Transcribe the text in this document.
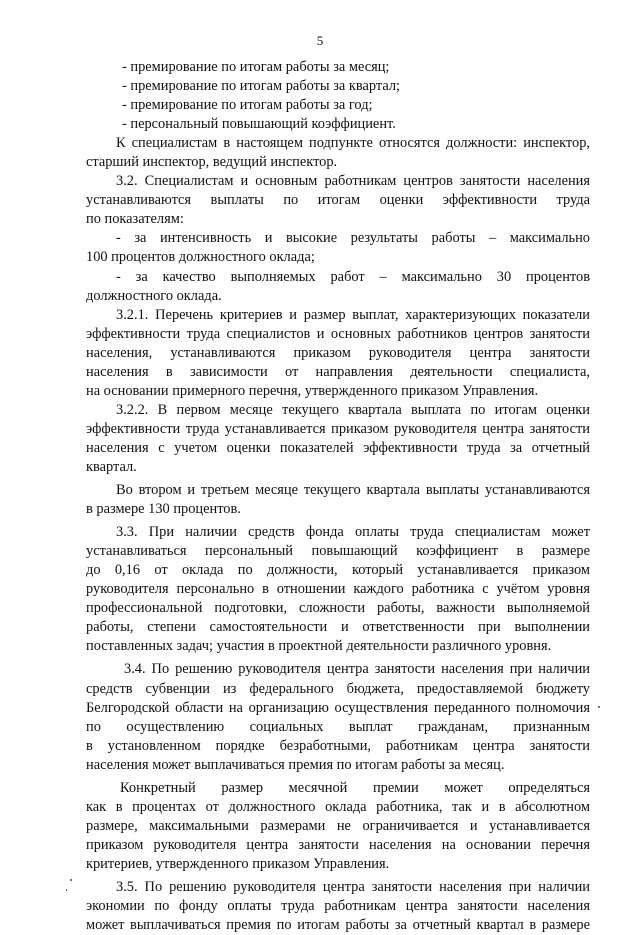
5
- премирование по итогам работы за месяц;
- премирование по итогам работы за квартал;
- премирование по итогам работы за год;
- персональный повышающий коэффициент.
К специалистам в настоящем подпункте относятся должности: инспектор,
старший инспектор, ведущий инспектор.
3.2. Специалистам и основным работникам центров занятости населения
устанавливаются выплаты по итогам оценки эффективности труда
по показателям:
- за интенсивность и высокие результаты работы – максимально
100 процентов должностного оклада;
- за качество выполняемых работ – максимально 30 процентов
должностного оклада.
3.2.1. Перечень критериев и размер выплат, характеризующих показатели
эффективности труда специалистов и основных работников центров занятости
населения, устанавливаются приказом руководителя центра занятости
населения в зависимости от направления деятельности специалиста,
на основании примерного перечня, утвержденного приказом Управления.
3.2.2. В первом месяце текущего квартала выплата по итогам оценки
эффективности труда устанавливается приказом руководителя центра занятости
населения с учетом оценки показателей эффективности труда за отчетный
квартал.
Во втором и третьем месяце текущего квартала выплаты устанавливаются
в размере 130 процентов.
3.3. При наличии средств фонда оплаты труда специалистам может
устанавливаться персональный повышающий коэффициент в размере
до 0,16 от оклада по должности, который устанавливается приказом
руководителя персонально в отношении каждого работника с учётом уровня
профессиональной подготовки, сложности работы, важности выполняемой
работы, степени самостоятельности и ответственности при выполнении
поставленных задач; участия в проектной деятельности различного уровня.
3.4. По решению руководителя центра занятости населения при наличии
средств субвенции из федерального бюджета, предоставляемой бюджету
Белгородской области на организацию осуществления переданного полномочия
по осуществлению социальных выплат гражданам, признанным
в установленном порядке безработными, работникам центра занятости
населения может выплачиваться премия по итогам работы за месяц.
Конкретный размер месячной премии может определяться
как в процентах от должностного оклада работника, так и в абсолютном
размере, максимальными размерами не ограничивается и устанавливается
приказом руководителя центра занятости населения на основании перечня
критериев, утвержденного приказом Управления.
3.5. По решению руководителя центра занятости населения при наличии
экономии по фонду оплаты труда работникам центра занятости населения
может выплачиваться премия по итогам работы за отчетный квартал в размере
